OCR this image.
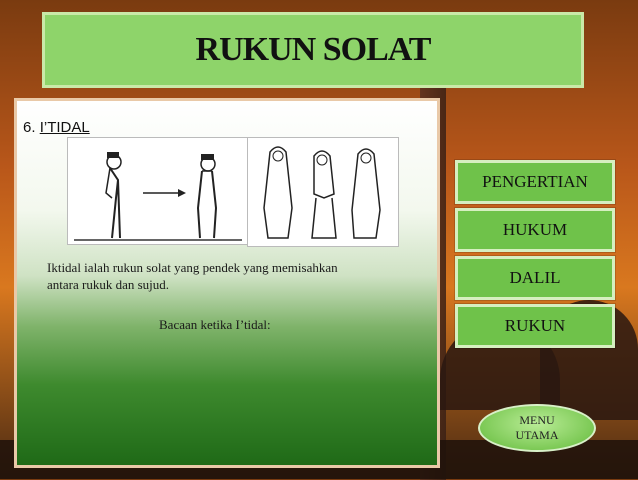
RUKUN SOLAT
6. I’TIDAL
Iktidal ialah rukun solat yang pendek yang memisahkan antara rukuk dan sujud.
Bacaan ketika I’tidal:
PENGERTIAN
HUKUM
DALIL
RUKUN
MENU
UTAMA
